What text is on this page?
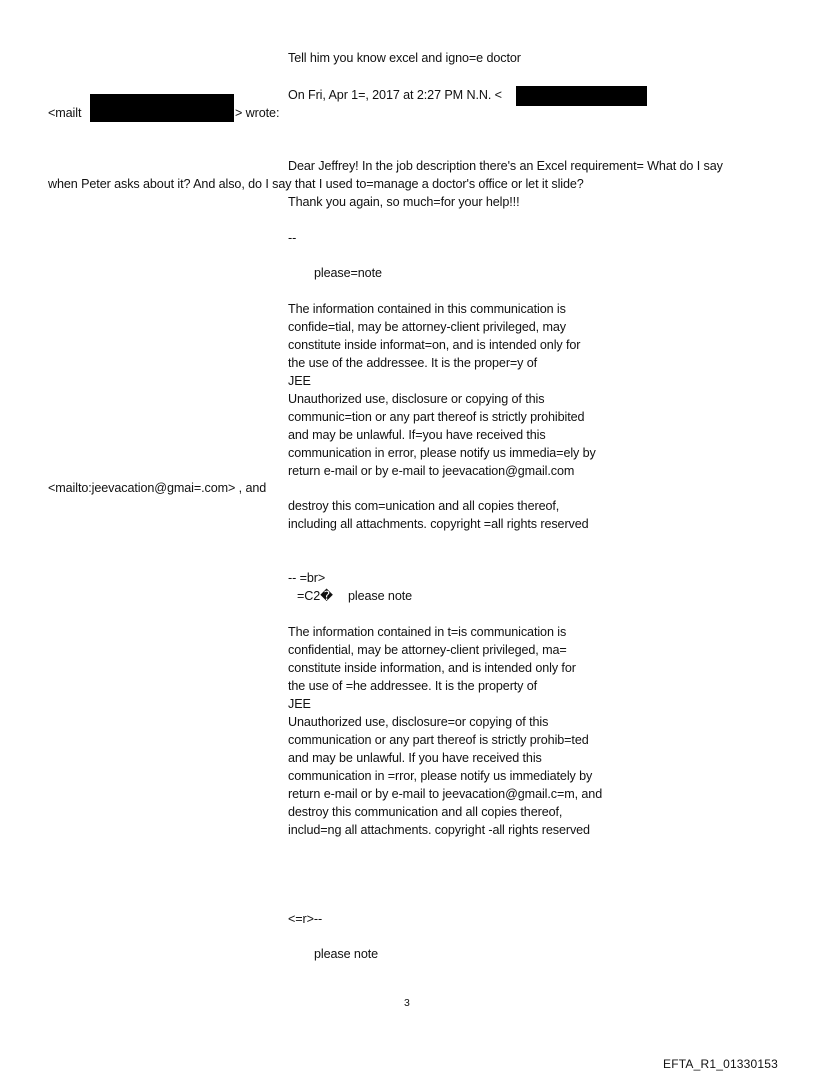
Tell him you know excel and igno=e doctor
On Fri, Apr 1=, 2017 at 2:27 PM N.N. <
<mailt	> wrote:
Dear Jeffrey! In the job description there's an Excel requirement= What do I say
when Peter asks about it? And also, do I say that I used to=manage a doctor's office or let it slide?
Thank you again, so much=for your help!!!
--
please=note
The information contained in this communication is
confide=tial, may be attorney-client privileged, may
constitute inside informat=on, and is intended only for
the use of the addressee. It is the proper=y of
JEE
Unauthorized use, disclosure or copying of this
communic=tion or any part thereof is strictly prohibited
and may be unlawful. If=you have received this
communication in error, please notify us immedia=ely by
return e-mail or by e-mail to jeevacation@gmail.com
<mailto:jeevacation@gmai=.com> , and
destroy this com=unication and all copies thereof,
including all attachments. copyright =all rights reserved
-- =br>
=C2� please note
The information contained in t=is communication is
confidential, may be attorney-client privileged, ma=
constitute inside information, and is intended only for
the use of =he addressee. It is the property of
JEE
Unauthorized use, disclosure=or copying of this
communication or any part thereof is strictly prohib=ted
and may be unlawful. If you have received this
communication in =rror, please notify us immediately by
return e-mail or by e-mail to jeevacation@gmail.c=m, and
destroy this communication and all copies thereof,
includ=ng all attachments. copyright -all rights reserved
<=r>--
please note
3
EFTA_R1_01330153
